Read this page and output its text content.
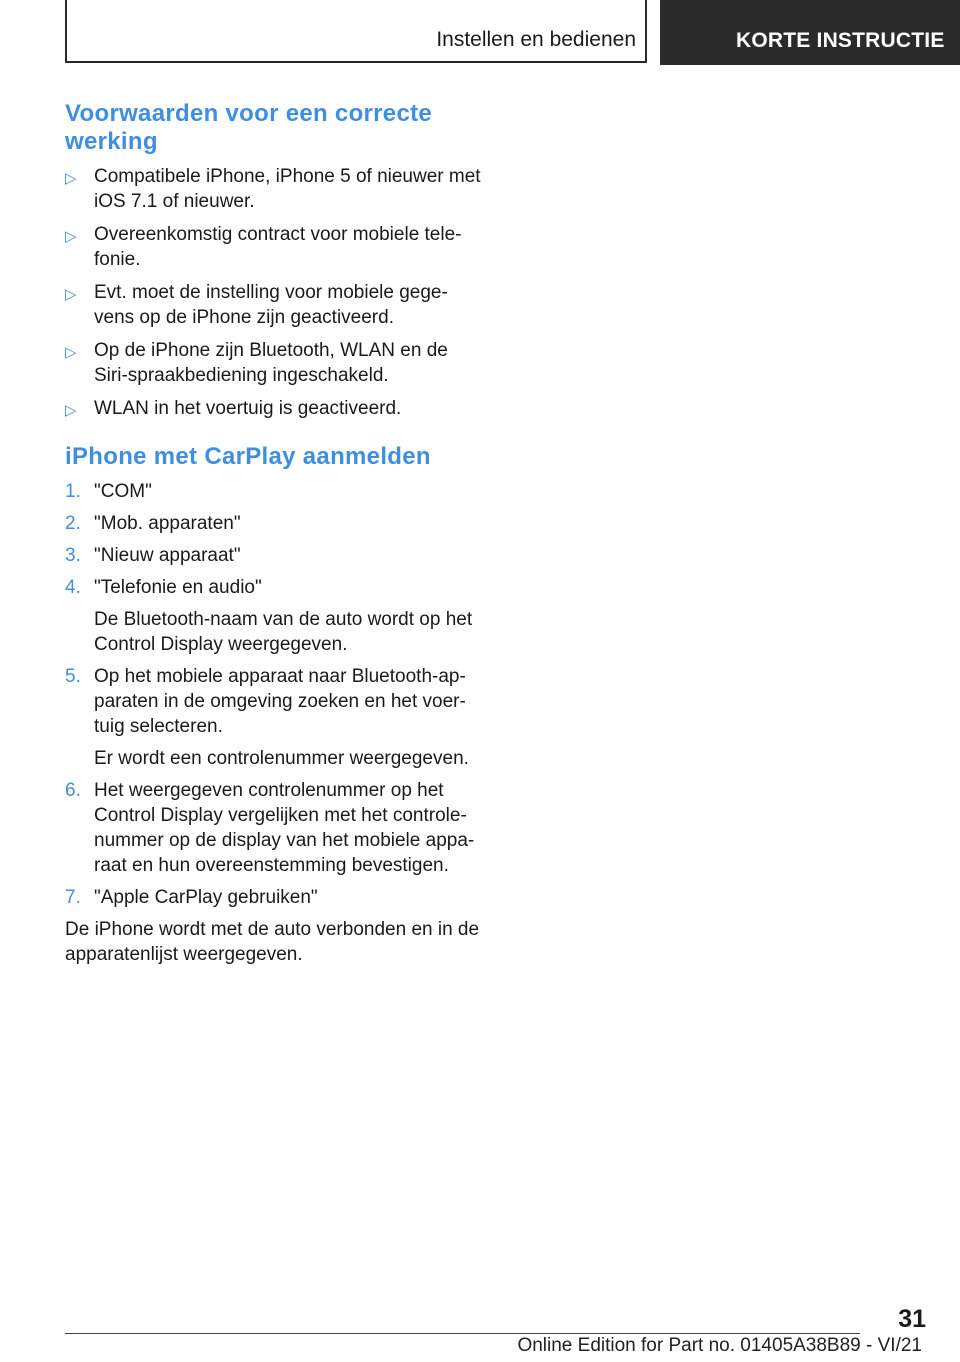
Instellen en bedienen	KORTE INSTRUCTIE
Voorwaarden voor een correcte werking
▷ Compatibele iPhone, iPhone 5 of nieuwer met iOS 7.1 of nieuwer.
▷ Overeenkomstig contract voor mobiele tele-fonie.
▷ Evt. moet de instelling voor mobiele gege-vens op de iPhone zijn geactiveerd.
▷ Op de iPhone zijn Bluetooth, WLAN en de Siri-spraakbediening ingeschakeld.
▷ WLAN in het voertuig is geactiveerd.
iPhone met CarPlay aanmelden
1. "COM"
2. "Mob. apparaten"
3. "Nieuw apparaat"
4. "Telefonie en audio"
De Bluetooth-naam van de auto wordt op het Control Display weergegeven.
5. Op het mobiele apparaat naar Bluetooth-ap-paraten in de omgeving zoeken en het voer-tuig selecteren.
Er wordt een controlenummer weergegeven.
6. Het weergegeven controlenummer op het Control Display vergelijken met het controle-nummer op de display van het mobiele appa-raat en hun overeenstemming bevestigen.
7. "Apple CarPlay gebruiken"

De iPhone wordt met de auto verbonden en in de apparatenlijst weergegeven.

31
Online Edition for Part no. 01405A38B89 - VI/21
